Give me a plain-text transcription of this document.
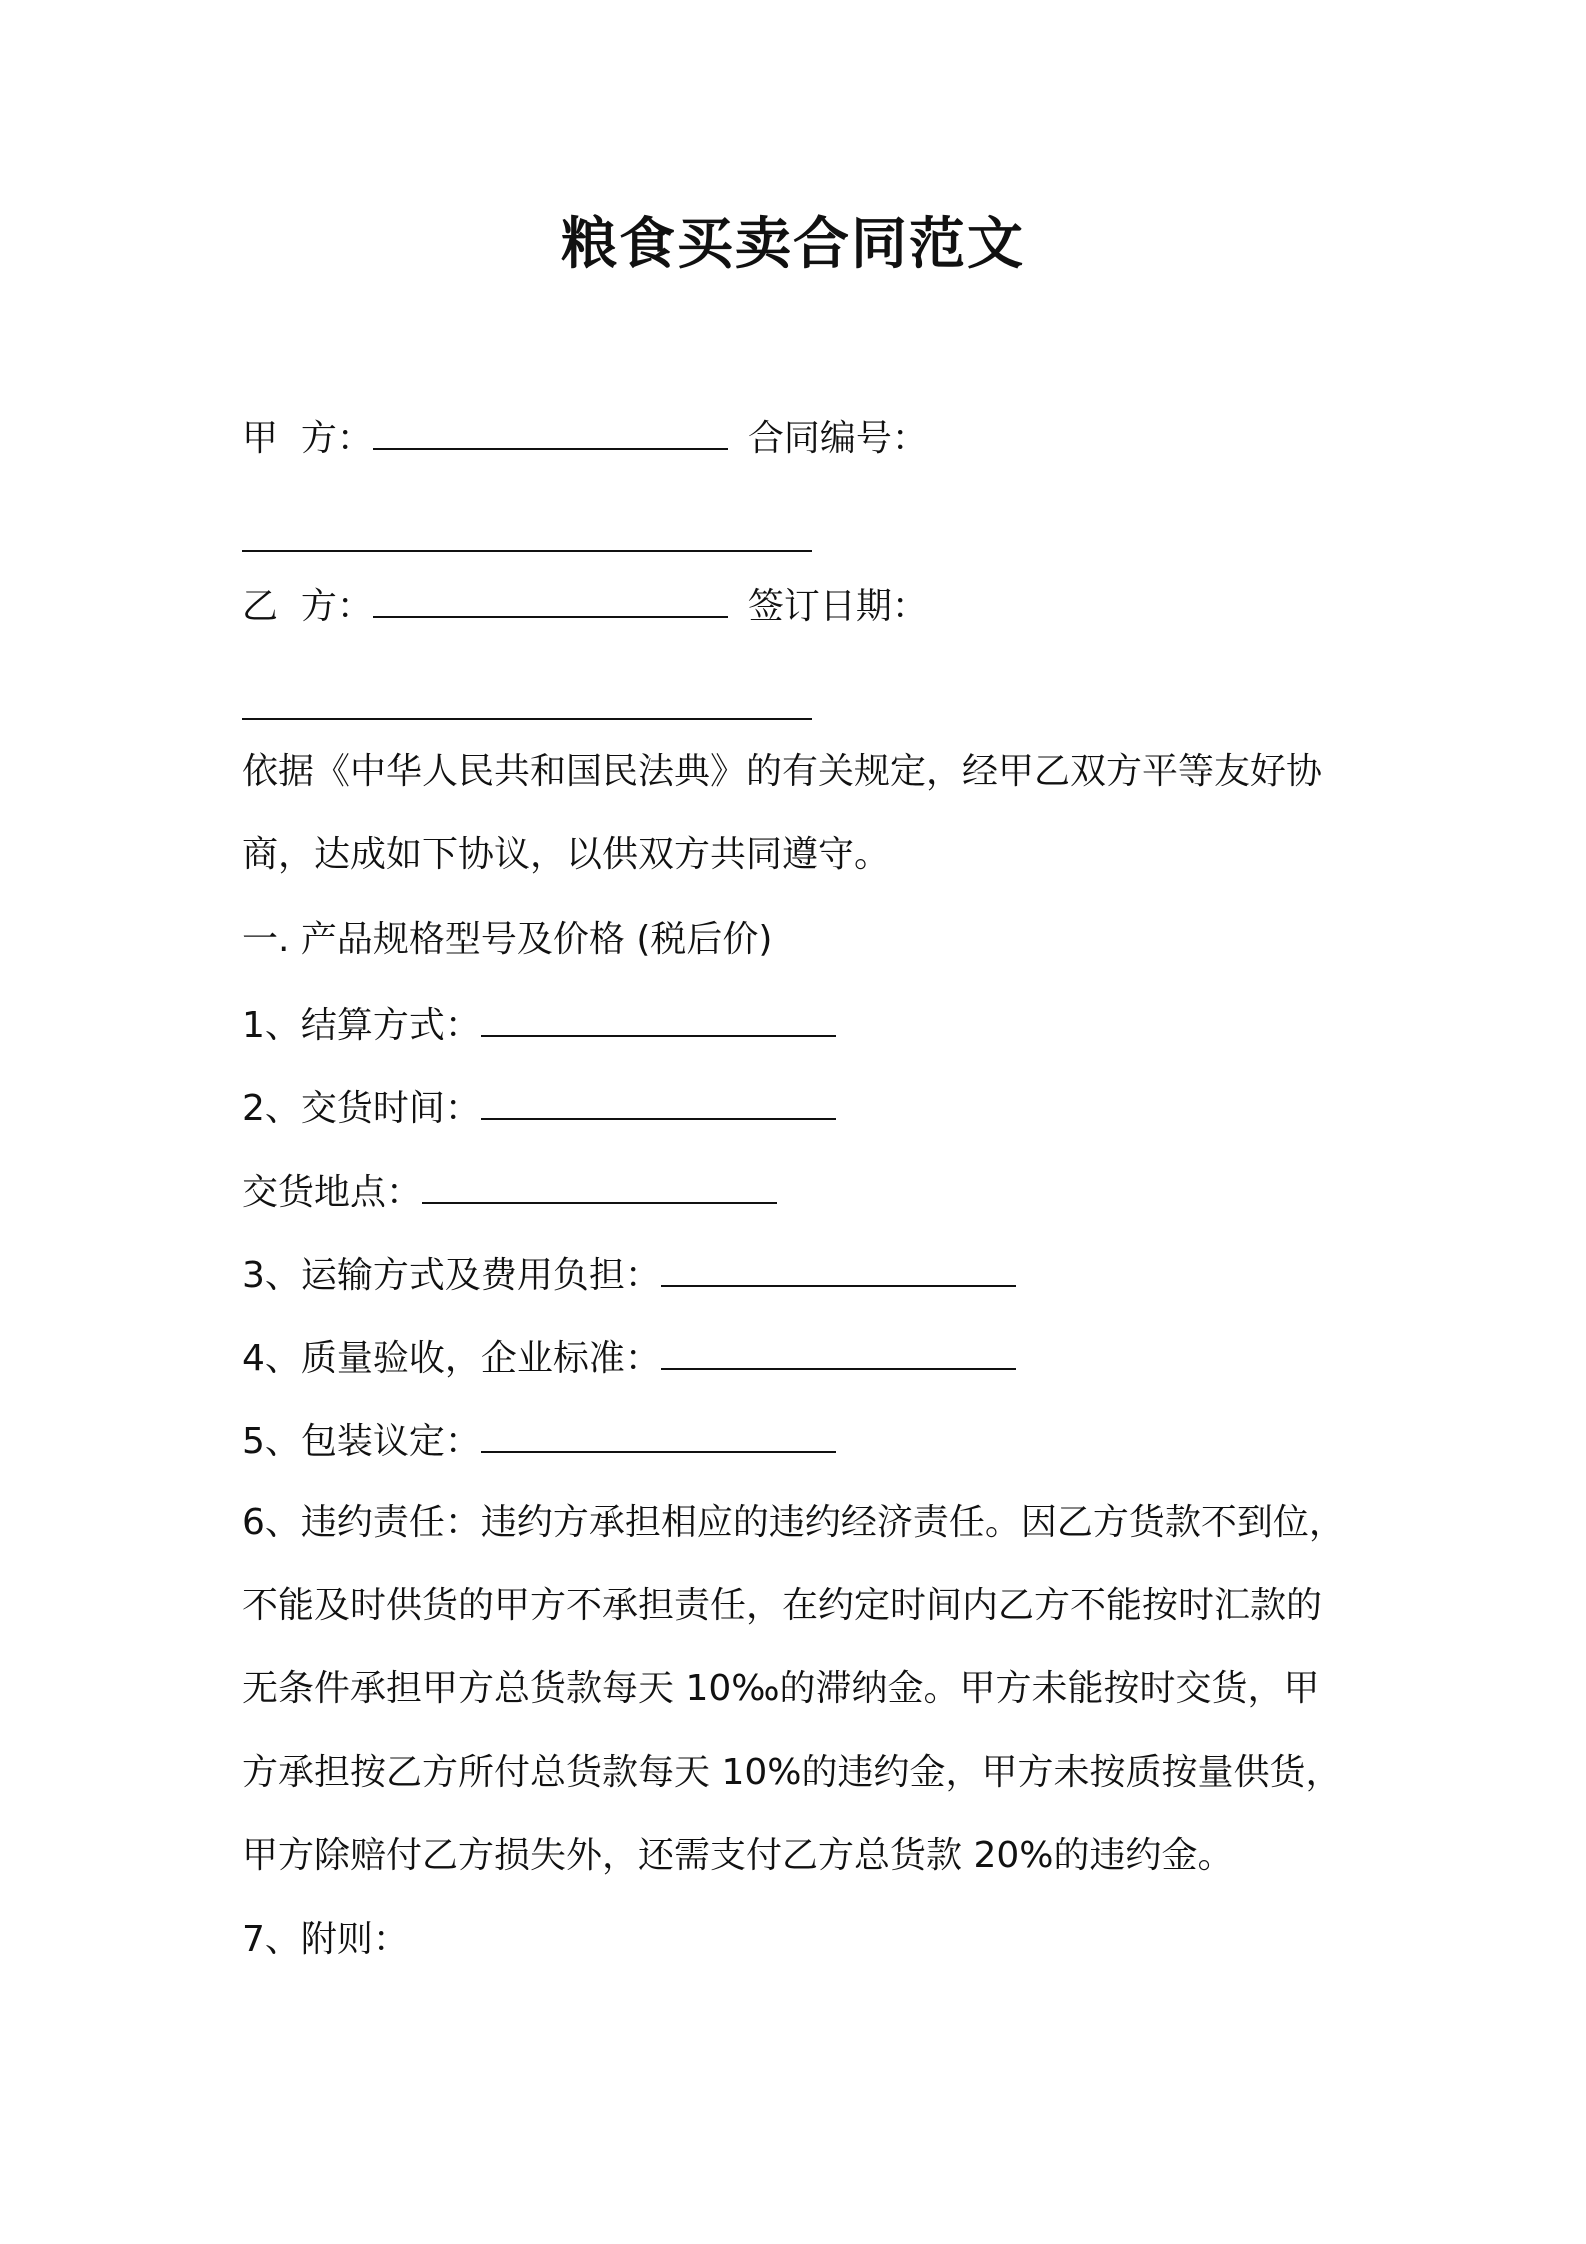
粮食买卖合同范文
甲  方：	合同编号：
乙  方：	签订日期：
依据《中华人民共和国民法典》的有关规定，经甲乙双方平等友好协
商，达成如下协议，以供双方共同遵守。
一. 产品规格型号及价格 (税后价)
1、结算方式：
2、交货时间：
交货地点：
3、运输方式及费用负担：
4、质量验收，企业标准：
5、包装议定：
6、违约责任：违约方承担相应的违约经济责任。因乙方货款不到位，
不能及时供货的甲方不承担责任，在约定时间内乙方不能按时汇款的
无条件承担甲方总货款每天 10‰的滞纳金。甲方未能按时交货，甲
方承担按乙方所付总货款每天 10%的违约金，甲方未按质按量供货，
甲方除赔付乙方损失外，还需支付乙方总货款 20%的违约金。
7、附则：
